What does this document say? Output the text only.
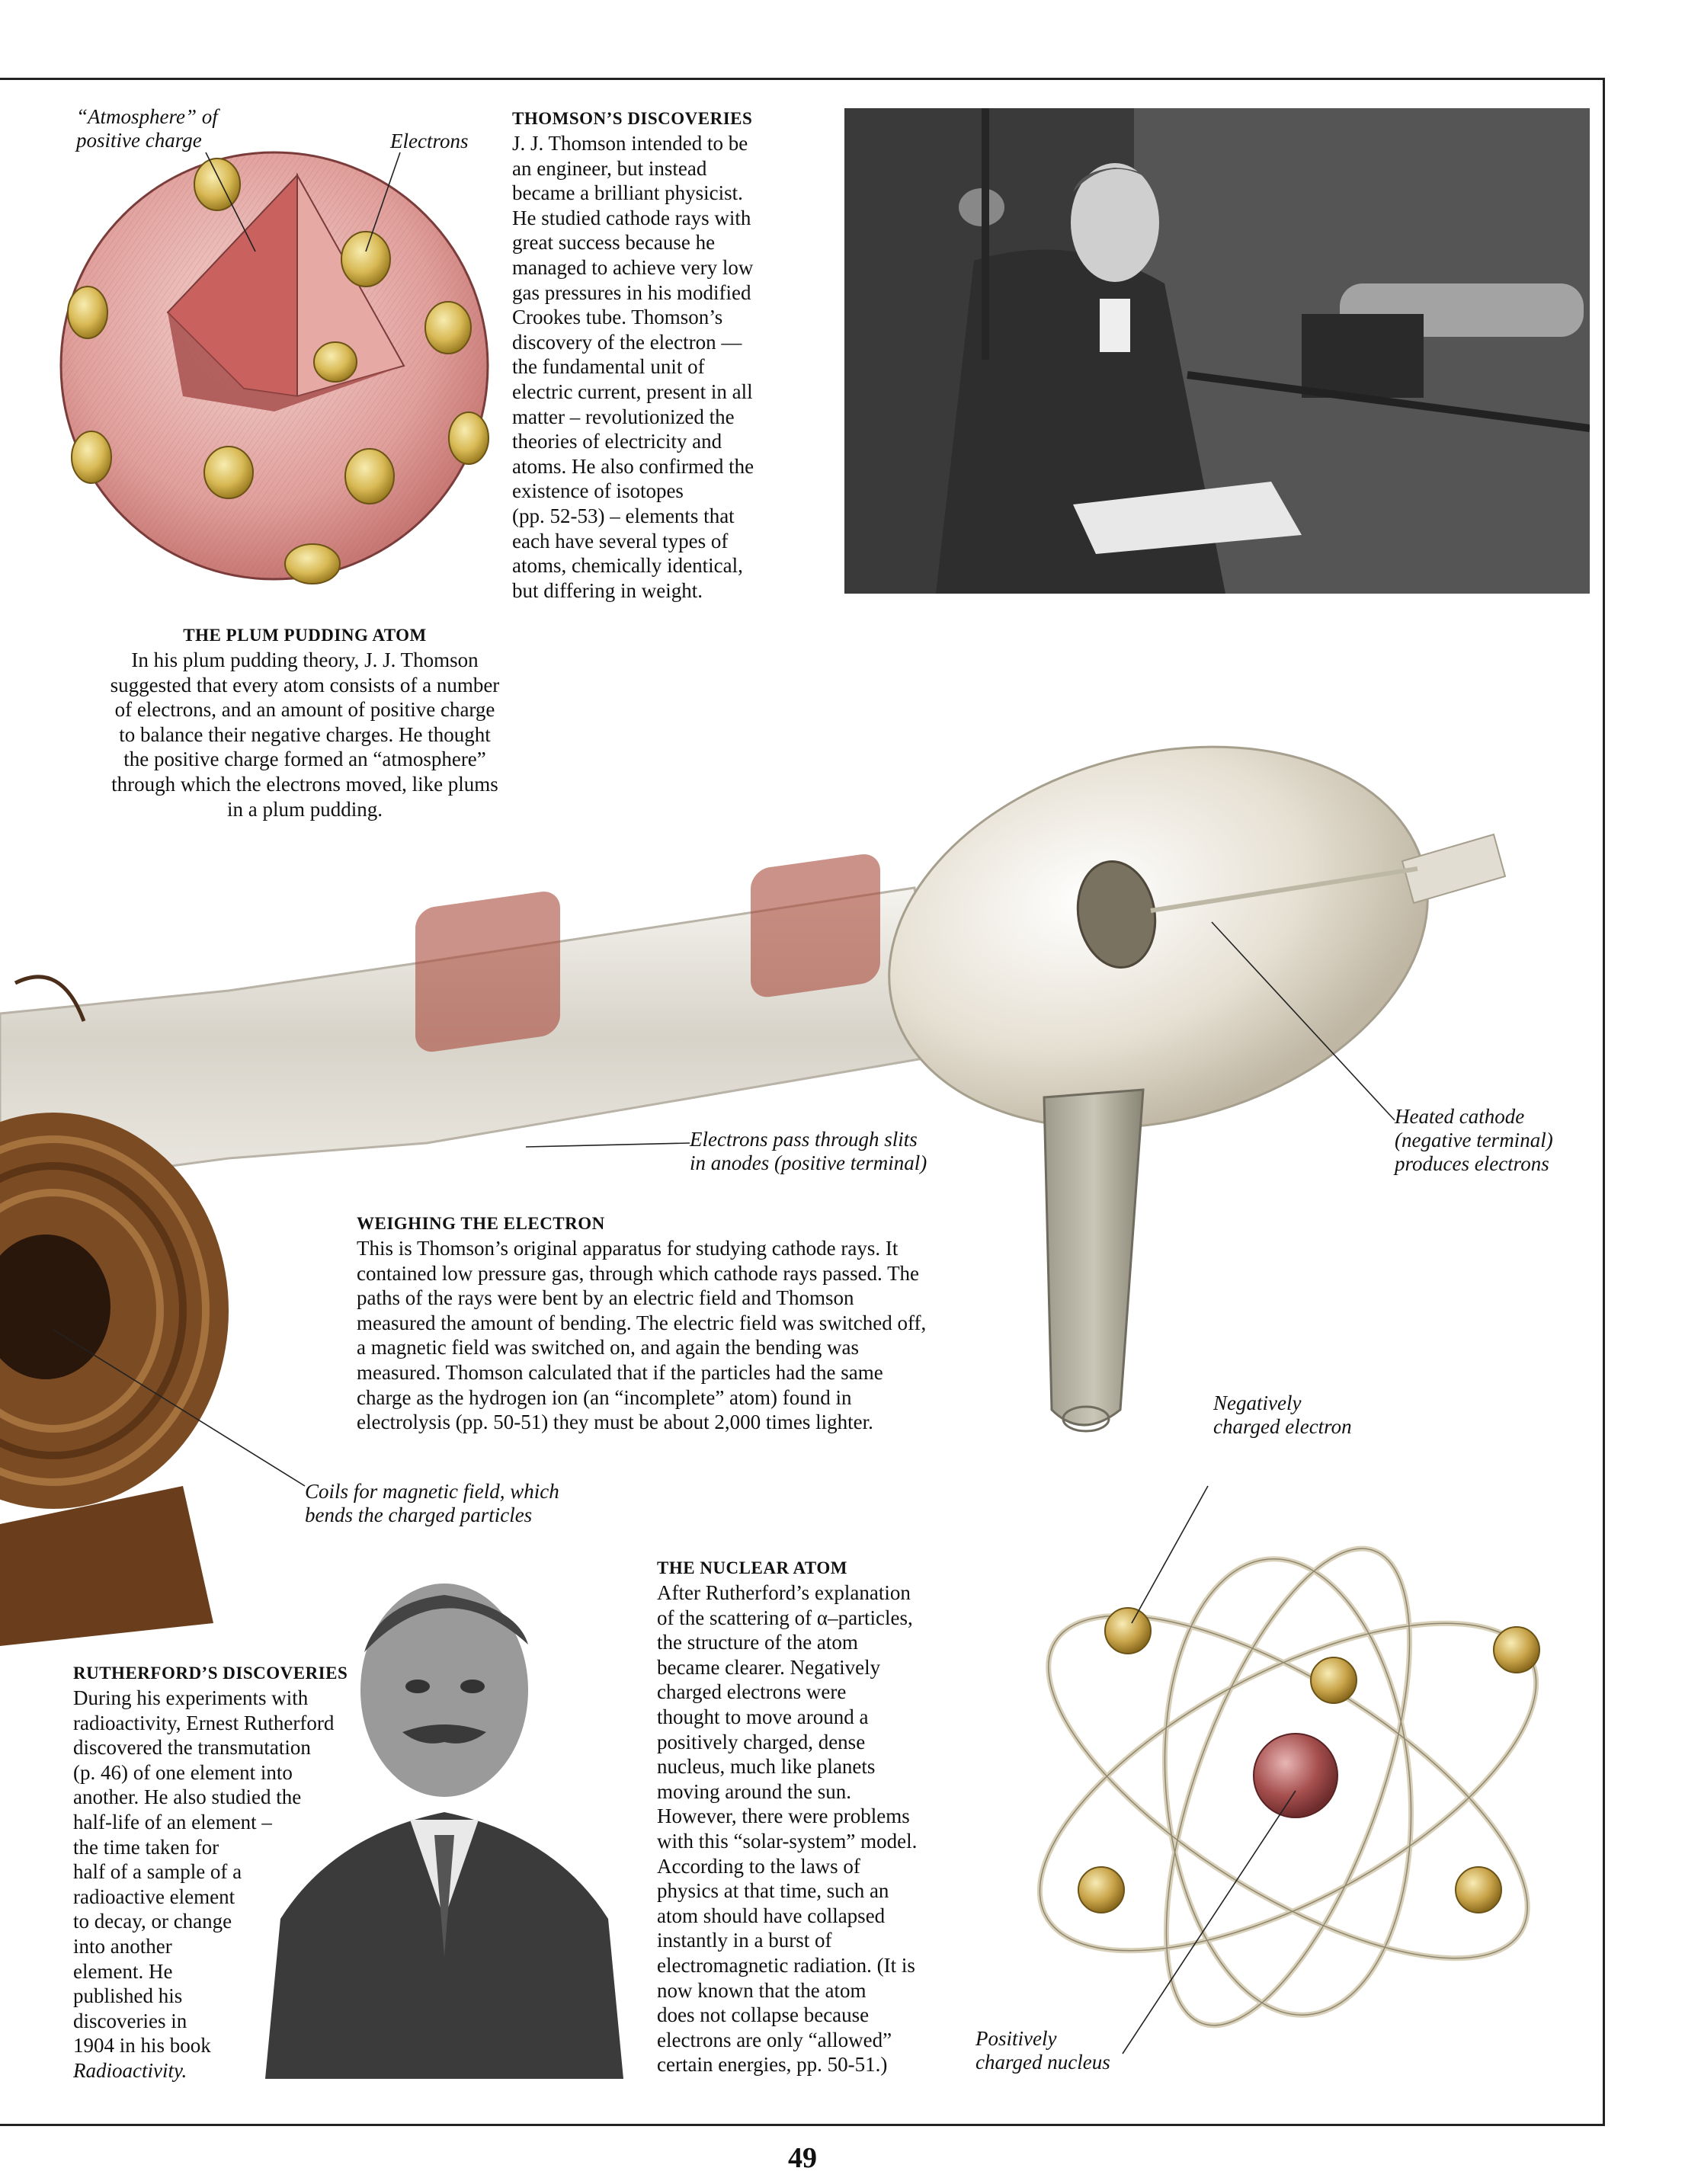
“Atmosphere” of
positive charge	Electrons
THOMSON’S DISCOVERIES
J. J. Thomson intended to be
an engineer, but instead
became a brilliant physicist.
He studied cathode rays with
great success because he
managed to achieve very low
gas pressures in his modified
Crookes tube. Thomson’s
discovery of the electron —
the fundamental unit of
electric current, present in all
matter – revolutionized the
theories of electricity and
atoms. He also confirmed the
existence of isotopes
(pp. 52-53) – elements that
each have several types of
atoms, chemically identical,
but differing in weight.
THE PLUM PUDDING ATOM
In his plum pudding theory, J. J. Thomson
suggested that every atom consists of a number
of electrons, and an amount of positive charge
to balance their negative charges. He thought
the positive charge formed an “atmosphere”
through which the electrons moved, like plums
in a plum pudding.
Electrons pass through slits
in anodes (positive terminal)
Heated cathode
(negative terminal)
produces electrons
WEIGHING THE ELECTRON
This is Thomson’s original apparatus for studying cathode rays. It
contained low pressure gas, through which cathode rays passed. The
paths of the rays were bent by an electric field and Thomson
measured the amount of bending. The electric field was switched off,
a magnetic field was switched on, and again the bending was
measured. Thomson calculated that if the particles had the same
charge as the hydrogen ion (an “incomplete” atom) found in
electrolysis (pp. 50-51) they must be about 2,000 times lighter.
Coils for magnetic field, which
bends the charged particles
RUTHERFORD’S DISCOVERIES
During his experiments with
radioactivity, Ernest Rutherford
discovered the transmutation
(p. 46) of one element into
another. He also studied the
half-life of an element –
the time taken for
half of a sample of a
radioactive element
to decay, or change
into another
element. He
published his
discoveries in
1904 in his book
Radioactivity.
THE NUCLEAR ATOM
After Rutherford’s explanation
of the scattering of α–particles,
the structure of the atom
became clearer. Negatively
charged electrons were
thought to move around a
positively charged, dense
nucleus, much like planets
moving around the sun.
However, there were problems
with this “solar-system” model.
According to the laws of
physics at that time, such an
atom should have collapsed
instantly in a burst of
electromagnetic radiation. (It is
now known that the atom
does not collapse because
electrons are only “allowed”
certain energies, pp. 50-51.)
Negatively
charged electron
Positively
charged nucleus
49
